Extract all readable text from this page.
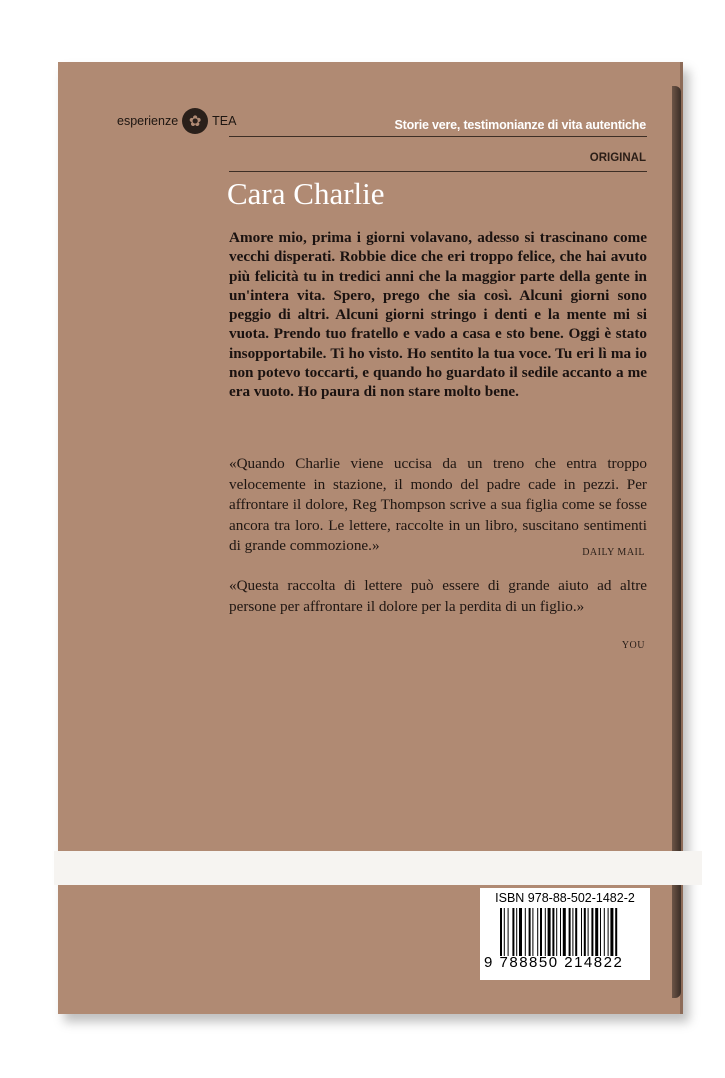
esperienze ✿ TEA	Storie vere, testimonianze di vita autentiche
ORIGINAL
Cara Charlie
Amore mio, prima i giorni volavano, adesso si trascinano come vecchi disperati. Robbie dice che eri troppo felice, che hai avuto più felicità tu in tredici anni che la maggior parte della gente in un'intera vita. Spero, prego che sia così. Alcuni giorni sono peggio di altri. Alcuni giorni stringo i denti e la mente mi si vuota. Prendo tuo fratello e vado a casa e sto bene. Oggi è stato insopportabile. Ti ho visto. Ho sentito la tua voce. Tu eri lì ma io non potevo toccarti, e quando ho guardato il sedile accanto a me era vuoto. Ho paura di non stare molto bene.
«Quando Charlie viene uccisa da un treno che entra troppo velocemente in stazione, il mondo del padre cade in pezzi. Per affrontare il dolore, Reg Thompson scrive a sua figlia come se fosse ancora tra loro. Le lettere, raccolte in un libro, suscitano sentimenti di grande commozione.»	DAILY MAIL
«Questa raccolta di lettere può essere di grande aiuto ad altre persone per affrontare il dolore per la perdita di un figlio.»
YOU
ISBN 978-88-502-1482-2
9 788850 214822
